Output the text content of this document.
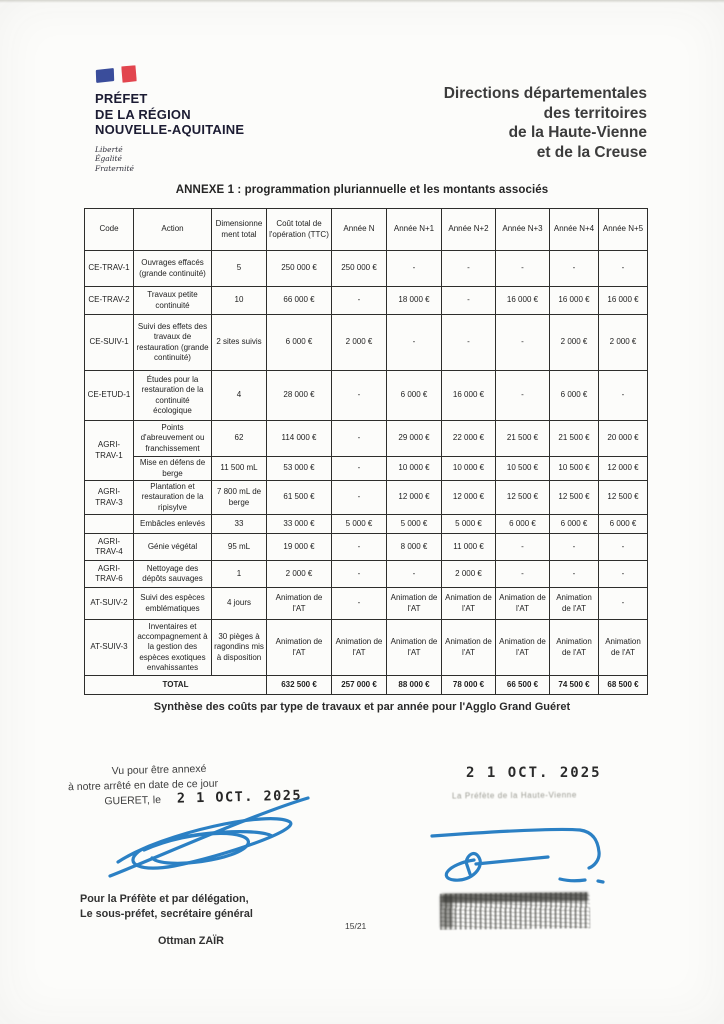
PRÉFET
DE LA RÉGION
NOUVELLE-AQUITAINE
Liberté
Égalité
Fraternité
Directions départementales
des territoires
de la Haute-Vienne
et de la Creuse
ANNEXE 1 : programmation pluriannuelle et les montants associés
Code	Action	Dimensionnement total	Coût total de l'opération (TTC)	Année N	Année N+1	Année N+2	Année N+3	Année N+4	Année N+5
CE-TRAV-1	Ouvrages effacés (grande continuité)	5	250 000 €	250 000 €	-	-	-	-	-
CE-TRAV-2	Travaux petite continuité	10	66 000 €	-	18 000 €	-	16 000 €	16 000 €	16 000 €
CE-SUIV-1	Suivi des effets des travaux de restauration (grande continuité)	2 sites suivis	6 000 €	2 000 €	-	-	-	2 000 €	2 000 €
CE-ETUD-1	Études pour la restauration de la continuité écologique	4	28 000 €	-	6 000 €	16 000 €	-	6 000 €	-
AGRI-TRAV-1	Points d'abreuvement ou franchissement	62	114 000 €	-	29 000 €	22 000 €	21 500 €	21 500 €	20 000 €
	Mise en défens de berge	11 500 mL	53 000 €	-	10 000 €	10 000 €	10 500 €	10 500 €	12 000 €
AGRI-TRAV-3	Plantation et restauration de la ripisylve	7 800 mL de berge	61 500 €	-	12 000 €	12 000 €	12 500 €	12 500 €	12 500 €
	Embâcles enlevés	33	33 000 €	5 000 €	5 000 €	5 000 €	6 000 €	6 000 €	6 000 €
AGRI-TRAV-4	Génie végétal	95 mL	19 000 €	-	8 000 €	11 000 €	-	-	-
AGRI-TRAV-6	Nettoyage des dépôts sauvages	1	2 000 €	-	-	2 000 €	-	-	-
AT-SUIV-2	Suivi des espèces emblématiques	4 jours	Animation de l'AT	-	Animation de l'AT	Animation de l'AT	Animation de l'AT	Animation de l'AT	-
AT-SUIV-3	Inventaires et accompagnement à la gestion des espèces exotiques envahissantes	30 pièges à ragondins mis à disposition	Animation de l'AT	Animation de l'AT	Animation de l'AT	Animation de l'AT	Animation de l'AT	Animation de l'AT	Animation de l'AT
TOTAL			632 500 €	257 000 €	88 000 €	78 000 €	66 500 €	74 500 €	68 500 €
Synthèse des coûts par type de travaux et par année pour l'Agglo Grand Guéret
Vu pour être annexé
à notre arrêté en date de ce jour
GUERET, le 2 1 OCT. 2025
2 1 OCT. 2025
La Préfète de la Haute-Vienne
Pour la Préfète et par délégation,
Le sous-préfet, secrétaire général
Ottman ZAÏR
15/21
